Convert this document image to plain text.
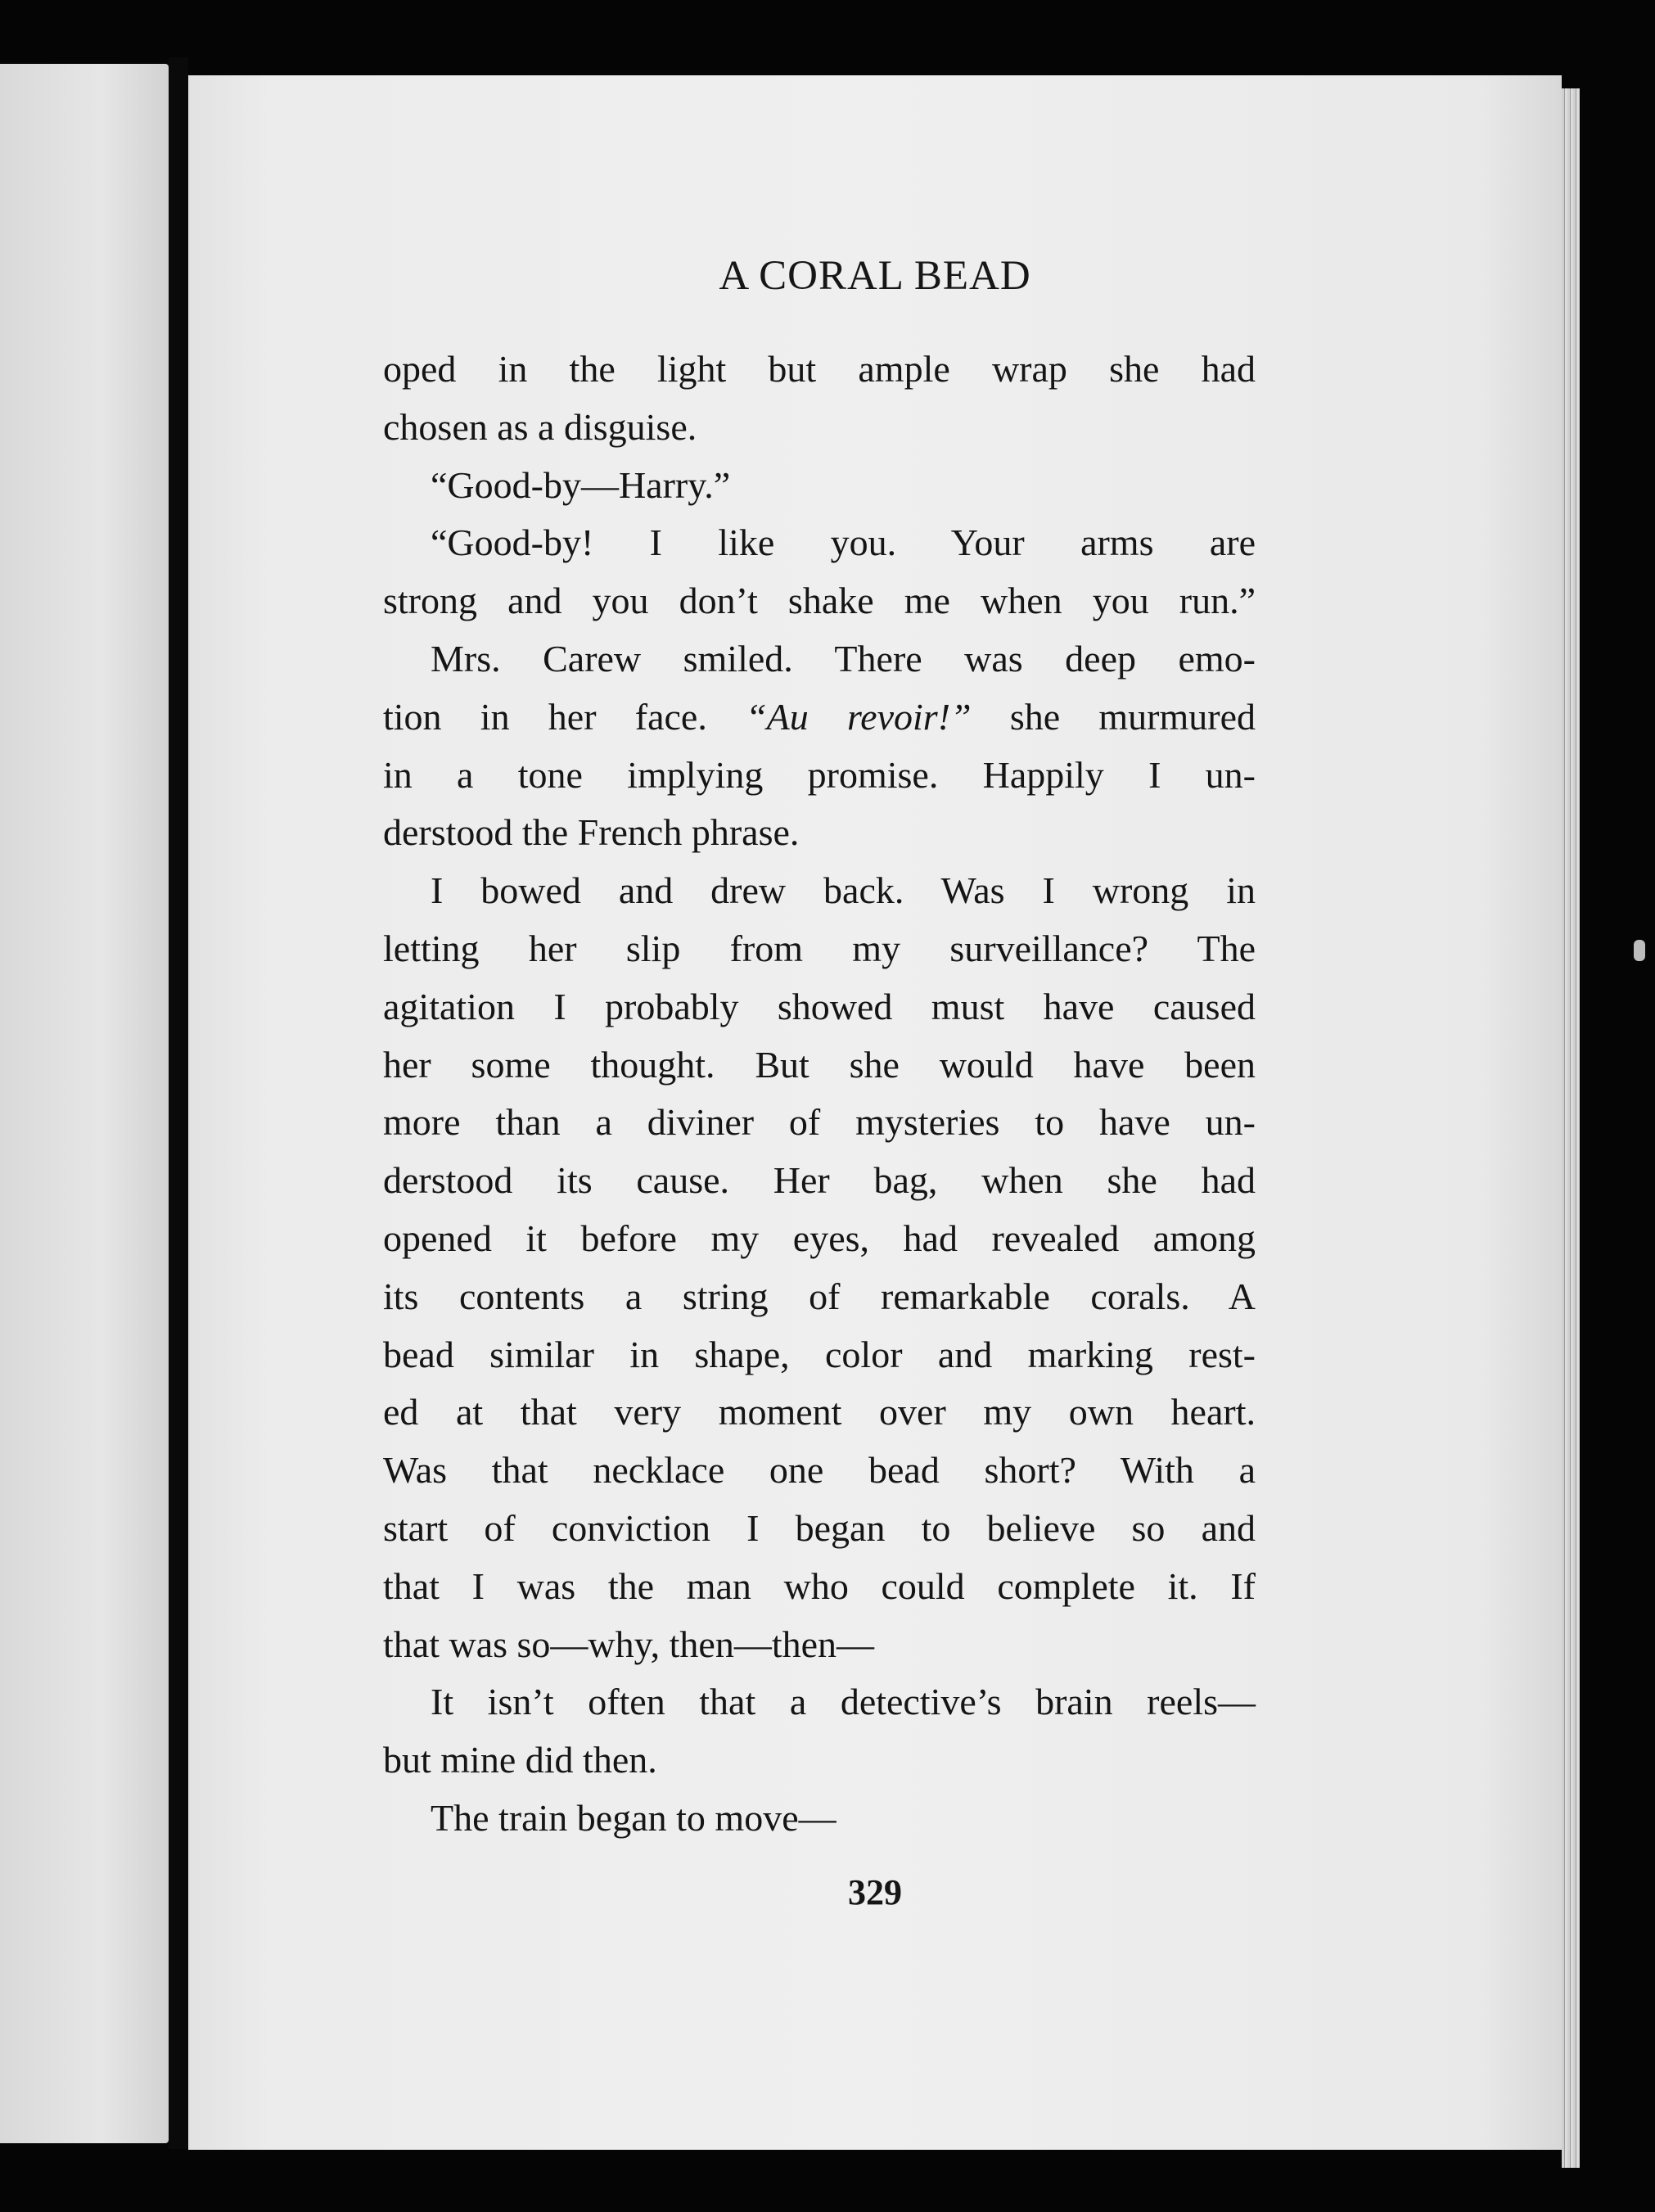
A CORAL BEAD
oped in the light but ample wrap she had
chosen as a disguise.
“Good-by—Harry.”
“Good-by! I like you. Your arms are
strong and you don’t shake me when you run.”
Mrs. Carew smiled. There was deep emo-
tion in her face. “Au revoir!” she murmured
in a tone implying promise. Happily I un-
derstood the French phrase.
I bowed and drew back. Was I wrong in
letting her slip from my surveillance? The
agitation I probably showed must have caused
her some thought. But she would have been
more than a diviner of mysteries to have un-
derstood its cause. Her bag, when she had
opened it before my eyes, had revealed among
its contents a string of remarkable corals. A
bead similar in shape, color and marking rest-
ed at that very moment over my own heart.
Was that necklace one bead short? With a
start of conviction I began to believe so and
that I was the man who could complete it. If
that was so—why, then—then—
It isn’t often that a detective’s brain reels—
but mine did then.
The train began to move—
329
